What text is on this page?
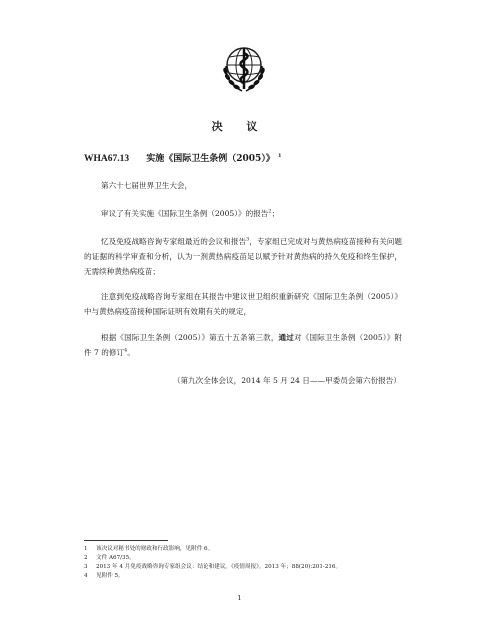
决 议
WHA67.13 实施《国际卫生条例（2005）》 $^1$
第六十七届世界卫生大会，
审议了有关实施《国际卫生条例（2005）》的报告$^2$；
忆及免疫战略咨询专家组最近的会议和报告$^3$，专家组已完成对与黄热病疫苗接种有关问题的证据的科学审查和分析，认为一剂黄热病疫苗足以赋予针对黄热病的持久免疫和终生保护，无需续种黄热病疫苗；
注意到免疫战略咨询专家组在其报告中建议世卫组织重新研究《国际卫生条例（2005）》中与黄热病疫苗接种国际证明有效期有关的规定，
根据《国际卫生条例（2005）》第五十五条第三款，通过对《国际卫生条例（2005）》附件 7 的修订$^4$。
（第九次全体会议，2014 年 5 月 24 日——甲委员会第六份报告）
1 该决议对秘书处的财政和行政影响，见附件 6。
2 文件 A67/35。
3 2013 年 4 月免疫战略咨询专家组会议：结论和建议。《疫情周报》。2013 年；88(20):201-216。
4 见附件 5。
1
